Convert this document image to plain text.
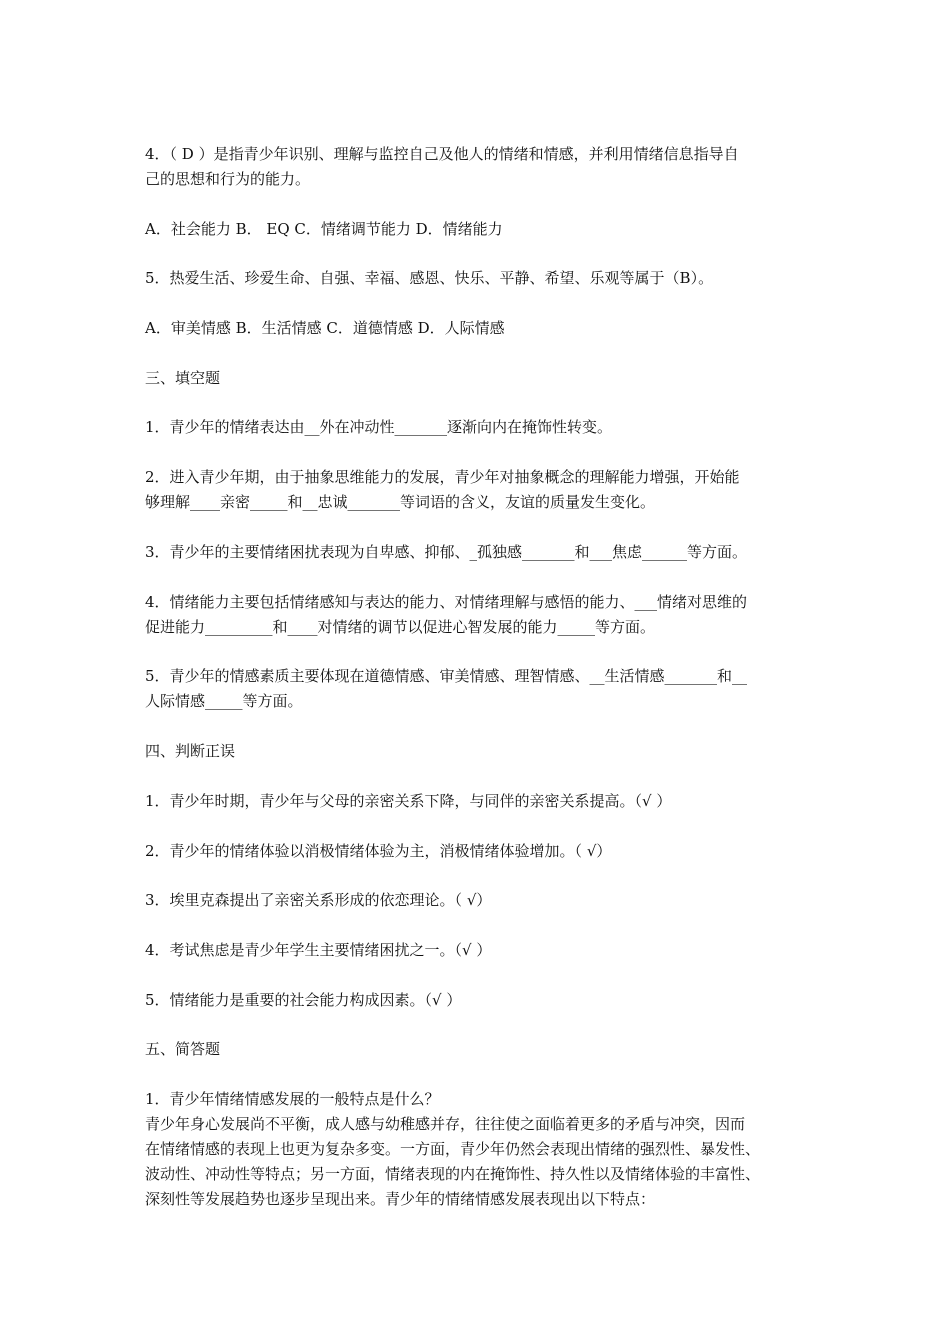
4．（ D ）是指青少年识别、理解与监控自己及他人的情绪和情感，并利用情绪信息指导自
己的思想和行为的能力。
A．社会能力 B． EQ C．情绪调节能力 D．情绪能力
5．热爱生活、珍爱生命、自强、幸福、感恩、快乐、平静、希望、乐观等属于（B）。
A．审美情感 B．生活情感 C．道德情感 D．人际情感
三、填空题
1．青少年的情绪表达由__外在冲动性_______逐渐向内在掩饰性转变。
2．进入青少年期，由于抽象思维能力的发展，青少年对抽象概念的理解能力增强，开始能
够理解____亲密_____和__忠诚_______等词语的含义，友谊的质量发生变化。
3．青少年的主要情绪困扰表现为自卑感、抑郁、_孤独感_______和___焦虑______等方面。
4．情绪能力主要包括情绪感知与表达的能力、对情绪理解与感悟的能力、___情绪对思维的
促进能力_________和____对情绪的调节以促进心智发展的能力_____等方面。
5．青少年的情感素质主要体现在道德情感、审美情感、理智情感、__生活情感_______和__
人际情感_____等方面。
四、判断正误
1．青少年时期，青少年与父母的亲密关系下降，与同伴的亲密关系提高。（√ ）
2．青少年的情绪体验以消极情绪体验为主，消极情绪体验增加。（ √）
3．埃里克森提出了亲密关系形成的依恋理论。（ √）
4．考试焦虑是青少年学生主要情绪困扰之一。（√ ）
5．情绪能力是重要的社会能力构成因素。（√ ）
五、简答题
1．青少年情绪情感发展的一般特点是什么？
青少年身心发展尚不平衡，成人感与幼稚感并存，往往使之面临着更多的矛盾与冲突，因而
在情绪情感的表现上也更为复杂多变。一方面，青少年仍然会表现出情绪的强烈性、暴发性、
波动性、冲动性等特点；另一方面，情绪表现的内在掩饰性、持久性以及情绪体验的丰富性、
深刻性等发展趋势也逐步呈现出来。青少年的情绪情感发展表现出以下特点：
